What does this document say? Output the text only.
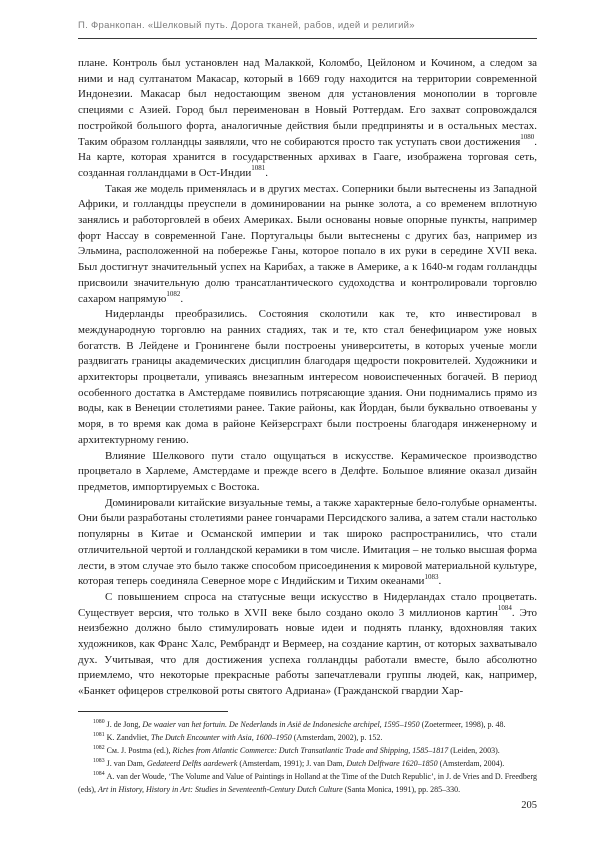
П. Франкопан. «Шелковый путь. Дорога тканей, рабов, идей и религий»

плане. Контроль был установлен над Малаккой, Коломбо, Цейлоном и Кочином, а следом за ними и над султанатом Макасар, который в 1669 году находится на территории современной Индонезии. Макасар был недостающим звеном для установления монополии в торговле специями с Азией. Город был переименован в Новый Роттердам. Его захват сопровождался постройкой большого форта, аналогичные действия были предприняты и в остальных местах. Таким образом голландцы заявляли, что не собираются просто так уступать свои достижения$^{1080}$. На карте, которая хранится в государственных архивах в Гааге, изображена торговая сеть, созданная голландцами в Ост-Индии$^{1081}$.

Такая же модель применялась и в других местах. Соперники были вытеснены из Западной Африки, и голландцы преуспели в доминировании на рынке золота, а со временем вплотную занялись и работорговлей в обеих Америках. Были основаны новые опорные пункты, например форт Нассау в современной Гане. Португальцы были вытеснены с других баз, например из Эльмина, расположенной на побережье Ганы, которое попало в их руки в середине XVII века. Был достигнут значительный успех на Карибах, а также в Америке, а к 1640-м годам голландцы присвоили значительную долю трансатлантического судоходства и контролировали торговлю сахаром напрямую$^{1082}$.

Нидерланды преобразились. Состояния сколотили как те, кто инвестировал в международную торговлю на ранних стадиях, так и те, кто стал бенефициаром уже новых богатств. В Лейдене и Гронингене были построены университеты, в которых ученые могли раздвигать границы академических дисциплин благодаря щедрости покровителей. Художники и архитекторы процветали, упиваясь внезапным интересом новоиспеченных богачей. В период особенного достатка в Амстердаме появились потрясающие здания. Они поднимались прямо из воды, как в Венеции столетиями ранее. Такие районы, как Йордан, были буквально отвоеваны у моря, в то время как дома в районе Кейзерсграхт были построены благодаря инженерному и архитектурному гению.

Влияние Шелкового пути стало ощущаться в искусстве. Керамическое производство процветало в Харлеме, Амстердаме и прежде всего в Делфте. Большое влияние оказал дизайн предметов, импортируемых с Востока.

Доминировали китайские визуальные темы, а также характерные бело-голубые орнаменты. Они были разработаны столетиями ранее гончарами Персидского залива, а затем стали настолько популярны в Китае и Османской империи и так широко распространились, что стали отличительной чертой и голландской керамики в том числе. Имитация – не только высшая форма лести, в этом случае это было также способом присоединения к мировой материальной культуре, которая теперь соединяла Северное море с Индийским и Тихим океанами$^{1083}$.

С повышением спроса на статусные вещи искусство в Нидерландах стало процветать. Существует версия, что только в XVII веке было создано около 3 миллионов картин$^{1084}$. Это неизбежно должно было стимулировать новые идеи и поднять планку, вдохновляя таких художников, как Франс Халс, Рембрандт и Вермеер, на создание картин, от которых захватывало дух. Учитывая, что для достижения успеха голландцы работали вместе, было абсолютно приемлемо, что некоторые прекрасные работы запечатлевали группы людей, как, например, «Банкет офицеров стрелковой роты святого Адриана» (Гражданской гвардии Хар-

$^{1080}$ J. de Jong, De waaier van het fortuin. De Nederlands in Asië de Indonesiche archipel, 1595–1950 (Zoetermeer, 1998), p. 48.

$^{1081}$ K. Zandvliet, The Dutch Encounter with Asia, 1600–1950 (Amsterdam, 2002), p. 152.

$^{1082}$ См. J. Postma (ed.), Riches from Atlantic Commerce: Dutch Transatlantic Trade and Shipping, 1585–1817 (Leiden, 2003).

$^{1083}$ J. van Dam, Gedateerd Delfts aardewerk (Amsterdam, 1991); J. van Dam, Dutch Delftware 1620–1850 (Amsterdam, 2004).

$^{1084}$ A. van der Woude, ‘The Volume and Value of Paintings in Holland at the Time of the Dutch Republic’, in J. de Vries and D. Freedberg (eds), Art in History, History in Art: Studies in Seventeenth-Century Dutch Culture (Santa Monica, 1991), pp. 285–330.

205
